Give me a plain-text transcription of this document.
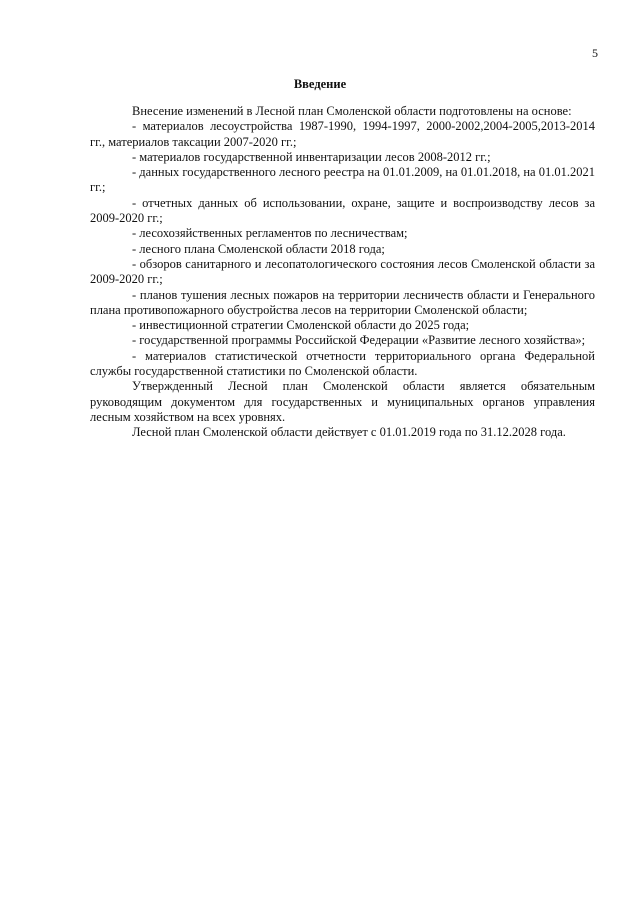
5
Введение

Внесение изменений в Лесной план Смоленской области подготовлены на основе:

- материалов лесоустройства 1987-1990, 1994-1997, 2000-2002,2004-2005,2013-2014 гг., материалов таксации 2007-2020 гг.;

- материалов государственной инвентаризации лесов 2008-2012 гг.;

- данных государственного лесного реестра на 01.01.2009, на 01.01.2018, на 01.01.2021 гг.;

- отчетных данных об использовании, охране, защите и воспроизводству лесов за 2009-2020 гг.;

- лесохозяйственных регламентов по лесничествам;

- лесного плана Смоленской области 2018 года;

- обзоров санитарного и лесопатологического состояния лесов Смоленской области за 2009-2020 гг.;

- планов тушения лесных пожаров на территории лесничеств области и Генерального плана противопожарного обустройства лесов на территории Смоленской области;

- инвестиционной стратегии Смоленской области до 2025 года;

- государственной программы Российской Федерации «Развитие лесного хозяйства»;

- материалов статистической отчетности территориального органа Федеральной службы государственной статистики по Смоленской области.

Утвержденный Лесной план Смоленской области является обязательным руководящим документом для государственных и муниципальных органов управления лесным хозяйством на всех уровнях.

Лесной план Смоленской области действует с 01.01.2019 года по 31.12.2028 года.
